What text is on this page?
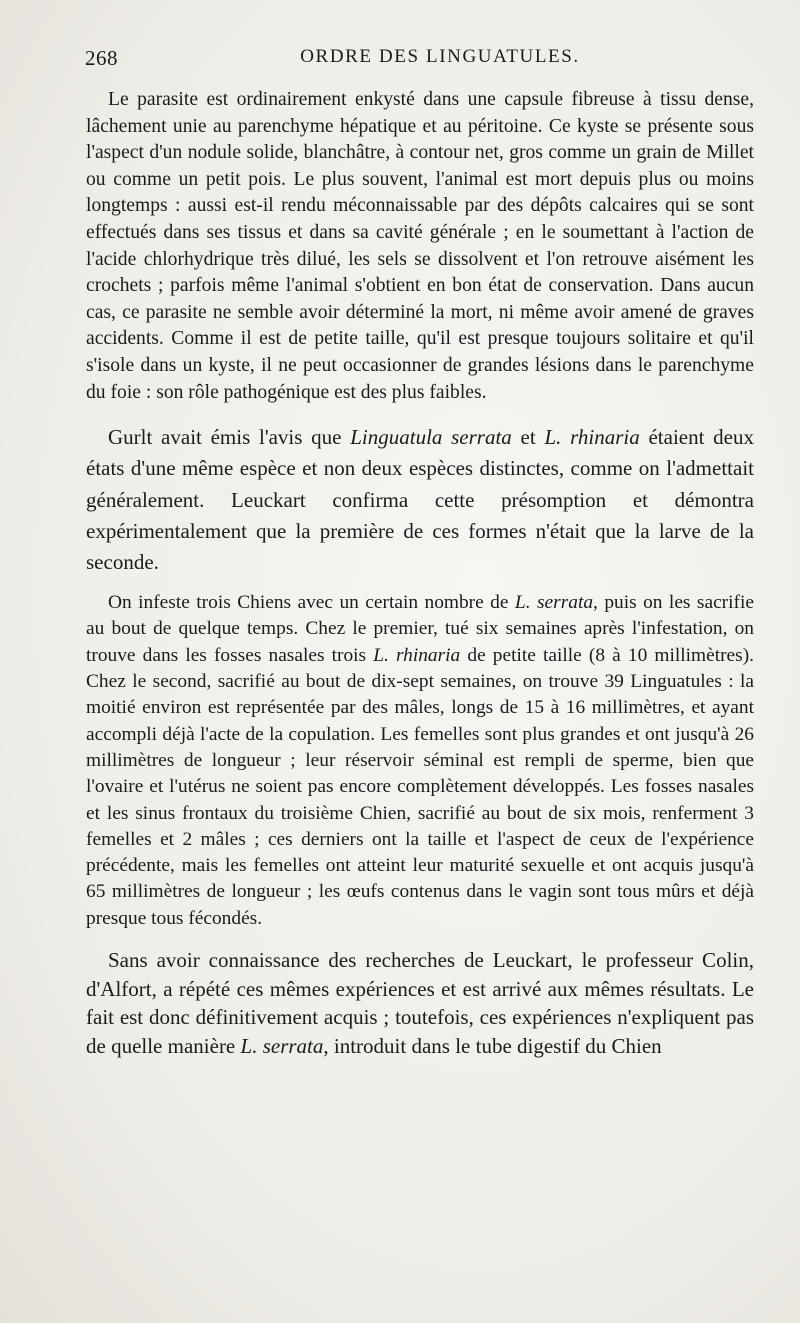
268	ORDRE DES LINGUATULES.

Le parasite est ordinairement enkysté dans une capsule fibreuse à tissu dense, lâchement unie au parenchyme hépatique et au péritoine. Ce kyste se présente sous l'aspect d'un nodule solide, blanchâtre, à contour net, gros comme un grain de Millet ou comme un petit pois. Le plus souvent, l'animal est mort depuis plus ou moins longtemps : aussi est-il rendu méconnaissable par des dépôts calcaires qui se sont effectués dans ses tissus et dans sa cavité générale ; en le soumettant à l'action de l'acide chlorhydrique très dilué, les sels se dissolvent et l'on retrouve aisément les crochets ; parfois même l'animal s'obtient en bon état de conservation. Dans aucun cas, ce parasite ne semble avoir déterminé la mort, ni même avoir amené de graves accidents. Comme il est de petite taille, qu'il est presque toujours solitaire et qu'il s'isole dans un kyste, il ne peut occasionner de grandes lésions dans le parenchyme du foie : son rôle pathogénique est des plus faibles.

Gurlt avait émis l'avis que Linguatula serrata et L. rhinaria étaient deux états d'une même espèce et non deux espèces distinctes, comme on l'admettait généralement. Leuckart confirma cette présomption et démontra expérimentalement que la première de ces formes n'était que la larve de la seconde.

On infeste trois Chiens avec un certain nombre de L. serrata, puis on les sacrifie au bout de quelque temps. Chez le premier, tué six semaines après l'infestation, on trouve dans les fosses nasales trois L. rhinaria de petite taille (8 à 10 millimètres). Chez le second, sacrifié au bout de dix-sept semaines, on trouve 39 Linguatules : la moitié environ est représentée par des mâles, longs de 15 à 16 millimètres, et ayant accompli déjà l'acte de la copulation. Les femelles sont plus grandes et ont jusqu'à 26 millimètres de longueur ; leur réservoir séminal est rempli de sperme, bien que l'ovaire et l'utérus ne soient pas encore complètement développés. Les fosses nasales et les sinus frontaux du troisième Chien, sacrifié au bout de six mois, renferment 3 femelles et 2 mâles ; ces derniers ont la taille et l'aspect de ceux de l'expérience précédente, mais les femelles ont atteint leur maturité sexuelle et ont acquis jusqu'à 65 millimètres de longueur ; les œufs contenus dans le vagin sont tous mûrs et déjà presque tous fécondés.

Sans avoir connaissance des recherches de Leuckart, le professeur Colin, d'Alfort, a répété ces mêmes expériences et est arrivé aux mêmes résultats. Le fait est donc définitivement acquis ; toutefois, ces expériences n'expliquent pas de quelle manière L. serrata, introduit dans le tube digestif du Chien
